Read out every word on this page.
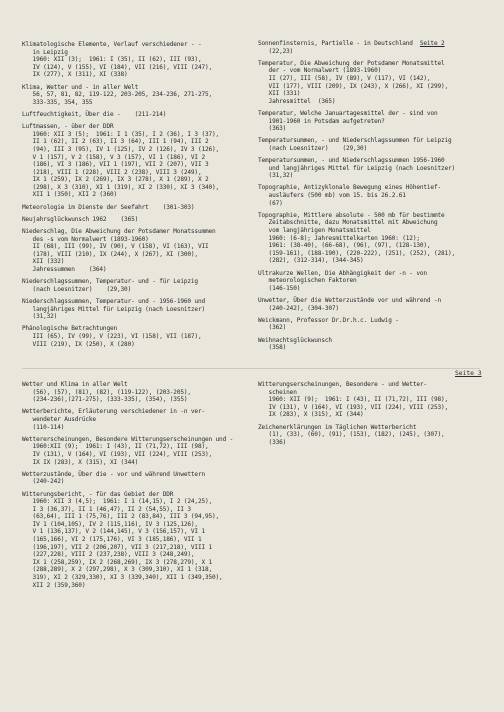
Klimatologische Elemente, Verlauf verschiedener - -
in Leipzig
1960: XII (3);  1961: I (35), II (62), III (93),
IV (124), V (155), VI (184), VII (216), VIII (247),
IX (277), X (311), XI (338)
Klima, Wetter und - in aller Welt
56, 57, 81, 82, 119-122, 203-205, 234-236, 271-275,
333-335, 354, 355
Luftfeuchtigkeit, Über die -    (211-214)
Luftmassen, - über der DDR
1960: XII 3 (5);  1961: I 1 (35), I 2 (36), I 3 (37),
II 1 (62), II 2 (63), II 3 (64), III 1 (94), III 2
(94), III 3 (95), IV 1 (125), IV 2 (126), IV 3 (126),
V 1 (157), V 2 (158), V 3 (157), VI 1 (186), VI 2
(186), VI 3 (186), VII 1 (197), VII 2 (207), VII 3
(218), VIII 1 (228), VIII 2 (238), VIII 3 (249),
IX 1 (259), IX 2 (269), IX 3 (278), X 1 (289), X 2
(298), X 3 (310), XI 1 (319), XI 2 (330), XI 3 (340),
XII 1 (350), XII 2 (360)
Meteorologie im Dienste der Seefahrt    (301-303)
Neujahrsglückwunsch 1962    (365)
Niederschlag, Die Abweichung der Potsdamer Monatssummen
des -s vom Normalwert (1893-1960)
II (68), III (99), IV (90), V (158), VI (163), VII
(178), VIII (210), IX (244), X (267), XI (300),
XII (332)
Jahressummen    (364)
Niederschlagssummen, Temperatur- und - für Leipzig
(nach Loesnitzer)    (29,30)
Niederschlagssummen, Temperatur- und - 1956-1960 und
langjähriges Mittel für Leipzig (nach Loesnitzer)
(31,32)
Phänologische Betrachtungen
III (65), IV (99), V (223), VI (158), VII (187),
VIII (219), IX (250), X (280)
Sonnenfinsternis, Partielle - in Deutschland  Seite 2
(22,23)
Temperatur, Die Abweichung der Potsdamer Monatsmittel
der - vom Normalwert (1893-1960)
II (27), III (58), IV (89), V (117), VI (142),
VII (177), VIII (209), IX (243), X (266), XI (299),
XII (331)
Jahresmittel  (365)
Temperatur, Welche Januartagesmittel der - sind von
1901-1960 in Potsdam aufgetreten?
(363)
Temperatursummen, - und Niederschlagssummen für Leipzig
(nach Loesnitzer)    (29,30)
Temperatursummen, - und Niederschlagssummen 1956-1960
und langjähriges Mittel für Leipzig (nach Loesnitzer)
(31,32)
Topographie, Antizyklonale Bewegung eines Höhentief-
ausläufers (500 mb) vom 15. bis 26.2.61
(67)
Topographie, Mittlere absolute - 500 mb für bestimmte
Zeitabschnitte, dazu Monatsmittel mit Abweichung
vom langjährigen Monatsmittel
1960: (6-8); Jahresmittelkarten 1960: (12);
1961: (38-40), (66-68), (96), (97), (128-130),
(159-161), (188-190), (220-222), (251), (252), (281),
(282), (312-314), (344-345)
Ultrakurze Wellen, Die Abhängigkeit der -n - von
meteorologischen Faktoren
(146-150)
Unwetter, Über die Wetterzustände vor und während -n
(240-242), (304-307)
Weickmann, Professor Dr.Dr.h.c. Ludwig -
(362)
Weihnachtsglückwunsch
(358)
Seite 3
Wetter und Klima in aller Welt
(56), (57), (81), (82), (119-122), (203-205),
(234-236),(271-275), (333-335), (354), (355)
Wetterberichte, Erläuterung verschiedener in -n ver-
wendeter Ausdrücke
(110-114)
Wettererscheinungen, Besondere Witterungserscheinungen und -
1960:XII (9);  1961: I (43), II (71,72), III (98),
IV (131), V (164), VI (193), VII (224), VIII (253),
IX IX (283), X (315), XI (344)
Wetterzustände, Über die - vor und während Unwettern
(240-242)
Witterungsbericht, - für das Gebiet der DDR
1960: XII 3 (4,5);  1961: I 1 (14,15), I 2 (24,25),
I 3 (36,37), II 1 (46,47), II 2 (54,55), II 3
(63,64), III 1 (75,76), III 2 (83,84), III 3 (94,95),
IV 1 (104,105), IV 2 (115,116), IV 3 (125,126),
V 1 (136,137), V 2 (144,145), V 3 (156,157), VI 1
(165,166), VI 2 (175,176), VI 3 (185,186), VII 1
(196,197), VII 2 (206,207), VII 3 (217,218), VIII 1
(227,228), VIII 2 (237,238), VIII 3 (248,249),
IX 1 (258,259), IX 2 (268,269), IX 3 (278,279), X 1
(288,289), X 2 (297,298), X 3 (309,310), XI 1 (318,
319), XI 2 (329,330), XI 3 (339,340), XII 1 (349,350),
XII 2 (359,360)
Witterungserscheinungen, Besondere - und Wetter-
scheinen
1960: XII (9);  1961: I (43), II (71,72), III (98),
IV (131), V (164), VI (193), VII (224), VIII (253),
IX (283), X (315), XI (344)
Zeichenerklärungen im Täglichen Wetterbericht
(1), (33), (60), (91), (153), (182), (245), (307),
(336)
